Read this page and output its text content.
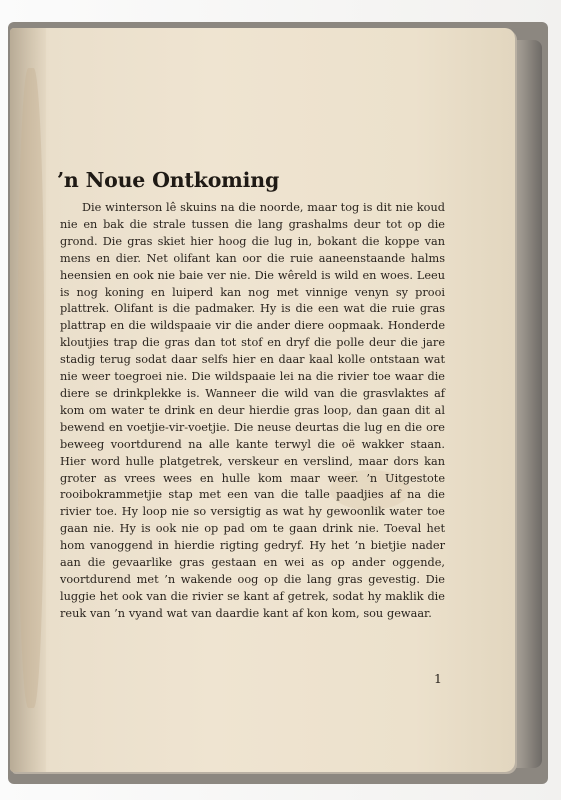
’n Noue Ontkoming

Die winterson lê skuins na die noorde, maar tog is dit nie koud nie en bak die strale tussen die lang grashalms deur tot op die grond. Die gras skiet hier hoog die lug in, bokant die koppe van mens en dier. Net olifant kan oor die ruie aaneenstaande halms heensien en ook nie baie ver nie. Die wêreld is wild en woes. Leeu is nog koning en luiperd kan nog met vinnige venyn sy prooi plattrek. Olifant is die padmaker. Hy is die een wat die ruie gras plattrap en die wildspaaie vir die ander diere oopmaak. Honderde kloutjies trap die gras dan tot stof en dryf die polle deur die jare stadig terug sodat daar selfs hier en daar kaal kolle ontstaan wat nie weer toegroei nie. Die wildspaaie lei na die rivier toe waar die diere se drinkplekke is. Wanneer die wild van die grasvlaktes af kom om water te drink en deur hierdie gras loop, dan gaan dit al bewend en voetjie-vir-voetjie. Die neuse deurtas die lug en die ore beweeg voortdurend na alle kante terwyl die oë wakker staan. Hier word hulle platgetrek, verskeur en verslind, maar dors kan groter as vrees wees en hulle kom maar weer. ’n Uitgestote rooibokrammetjie stap met een van die talle paadjies af na die rivier toe. Hy loop nie so versigtig as wat hy gewoonlik water toe gaan nie. Hy is ook nie op pad om te gaan drink nie. Toeval het hom vanoggend in hierdie rigting gedryf. Hy het ’n bietjie nader aan die gevaarlike gras gestaan en wei as op ander oggende, voortdurend met ’n wakende oog op die lang gras gevestig. Die luggie het ook van die rivier se kant af getrek, sodat hy maklik die reuk van ’n vyand wat van daardie kant af kon kom, sou gewaar.

1
